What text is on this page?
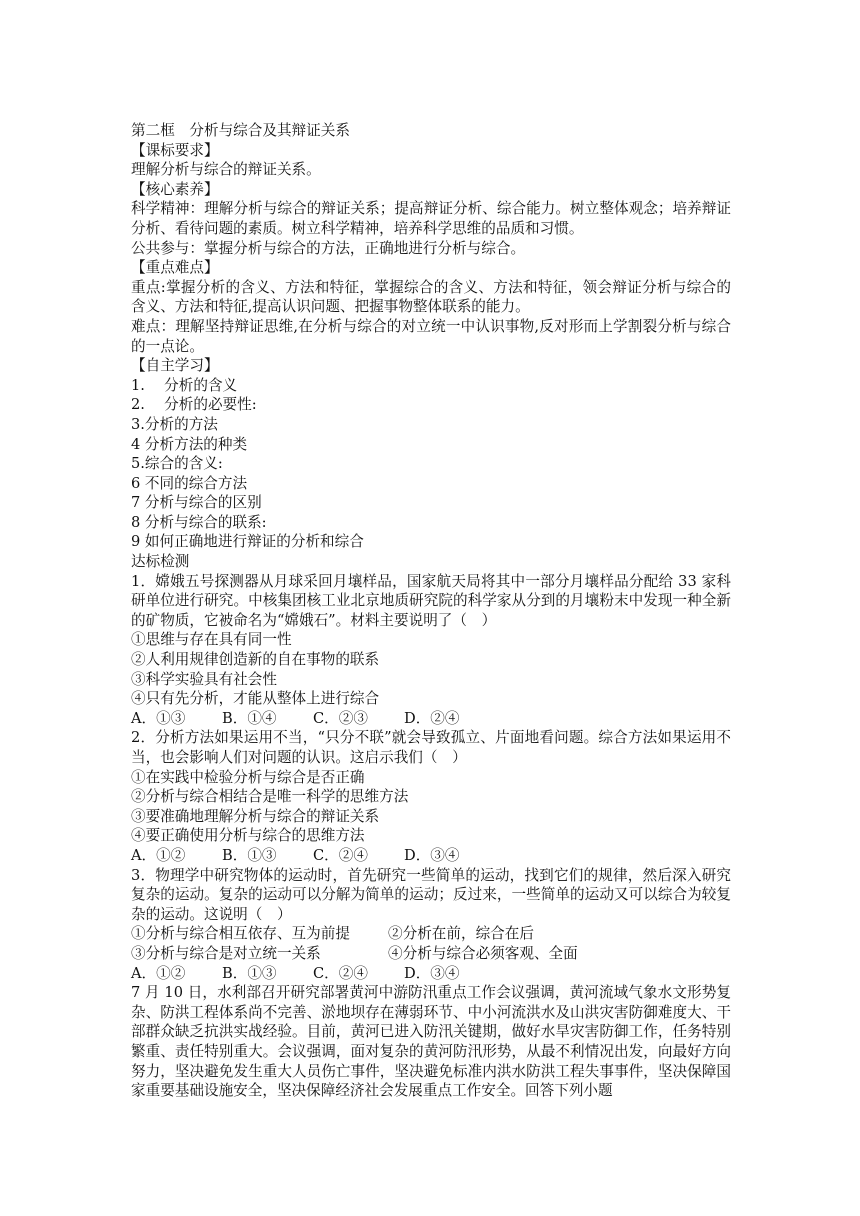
第二框　分析与综合及其辩证关系
【课标要求】
理解分析与综合的辩证关系。
【核心素养】
科学精神：理解分析与综合的辩证关系；提高辩证分析、综合能力。树立整体观念；培养辩证分析、看待问题的素质。树立科学精神，培养科学思维的品质和习惯。
公共参与：掌握分析与综合的方法，正确地进行分析与综合。
【重点难点】
重点:掌握分析的含义、方法和特征，掌握综合的含义、方法和特征，领会辩证分析与综合的含义、方法和特征,提高认识问题、把握事物整体联系的能力。
难点：理解坚持辩证思维,在分析与综合的对立统一中认识事物,反对形而上学割裂分析与综合的一点论。
【自主学习】
1.　 分析的含义
2.　 分析的必要性:
3.分析的方法
4 分析方法的种类
5.综合的含义:
6 不同的综合方法
7 分析与综合的区别
8 分析与综合的联系:
9 如何正确地进行辩证的分析和综合
达标检测
1．嫦娥五号探测器从月球采回月壤样品，国家航天局将其中一部分月壤样品分配给 33 家科研单位进行研究。中核集团核工业北京地质研究院的科学家从分到的月壤粉末中发现一种全新的矿物质，它被命名为“嫦娥石”。材料主要说明了（　）
①思维与存在具有同一性
②人利用规律创造新的自在事物的联系
③科学实验具有社会性
④只有先分析，才能从整体上进行综合
A．①③	B．①④ C．②③ D．②④
2．分析方法如果运用不当，“只分不联”就会导致孤立、片面地看问题。综合方法如果运用不当，也会影响人们对问题的认识。这启示我们（　）
①在实践中检验分析与综合是否正确
②分析与综合相结合是唯一科学的思维方法
③要准确地理解分析与综合的辩证关系
④要正确使用分析与综合的思维方法
A．①②	B．①③ C．②④ D．③④
3．物理学中研究物体的运动时，首先研究一些简单的运动，找到它们的规律，然后深入研究复杂的运动。复杂的运动可以分解为简单的运动；反过来，一些简单的运动又可以综合为较复杂的运动。这说明（　）
①分析与综合相互依存、互为前提	②分析在前，综合在后
③分析与综合是对立统一关系	④分析与综合必须客观、全面
A．①②	B．①③ C．②④ D．③④
7 月 10 日，水利部召开研究部署黄河中游防汛重点工作会议强调，黄河流域气象水文形势复杂、防洪工程体系尚不完善、淤地坝存在薄弱环节、中小河流洪水及山洪灾害防御难度大、干部群众缺乏抗洪实战经验。目前，黄河已进入防汛关键期，做好水旱灾害防御工作，任务特别繁重、责任特别重大。会议强调，面对复杂的黄河防汛形势，从最不利情况出发，向最好方向努力，坚决避免发生重大人员伤亡事件，坚决避免标准内洪水防洪工程失事事件，坚决保障国家重要基础设施安全，坚决保障经济社会发展重点工作安全。回答下列小题
